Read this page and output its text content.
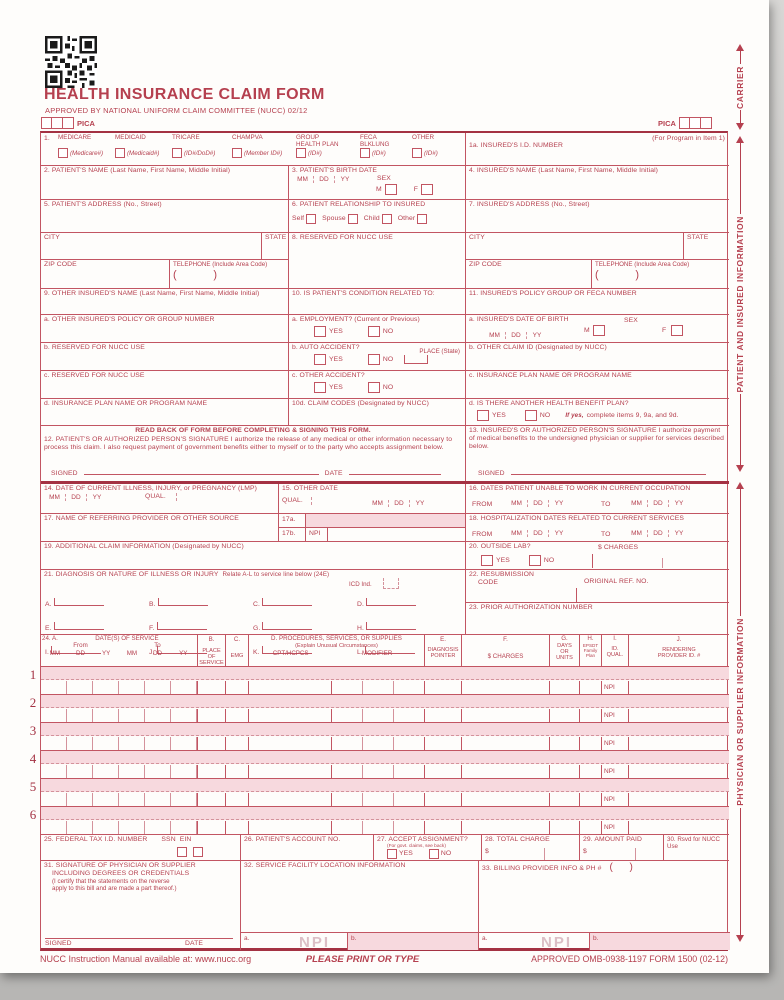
HEALTH INSURANCE CLAIM FORM
APPROVED BY NATIONAL UNIFORM CLAIM COMMITTEE (NUCC) 02/12
PICA	PICA
1.	MEDICARE
(Medicare#)
MEDICAID
(Medicaid#)
TRICARE
(ID#/DoD#)
CHAMPVA
(Member ID#)
GROUP
HEALTH PLAN
(ID#)
FECA
BLKLUNG
(ID#)
OTHER
(ID#)
1a. INSURED'S I.D. NUMBER
(For Program in Item 1)
2. PATIENT'S NAME (Last Name, First Name, Middle Initial)	3. PATIENT'S BIRTH DATE
MM	DD	YY	SEX
M	F
4. INSURED'S NAME (Last Name, First Name, Middle Initial)
5. PATIENT'S ADDRESS (No., Street)	6. PATIENT RELATIONSHIP TO INSURED
Self	Spouse	Child	Other
7. INSURED'S ADDRESS (No., Street)
CITY	STATE 8. RESERVED FOR NUCC USE	CITY	STATE
ZIP CODE	TELEPHONE (Include Area Code)
(            )
ZIP CODE	TELEPHONE (Include Area Code)
(            )
9. OTHER INSURED'S NAME (Last Name, First Name, Middle Initial)	10. IS PATIENT'S CONDITION RELATED TO:	11. INSURED'S POLICY GROUP OR FECA NUMBER
a. OTHER INSURED'S POLICY OR GROUP NUMBER	a. EMPLOYMENT? (Current or Previous)
YES	NO
a. INSURED'S DATE OF BIRTH
MM DD YY
SEX
M	F
b. RESERVED FOR NUCC USE	b. AUTO ACCIDENT?
PLACE (State)
YES	NO
b. OTHER CLAIM ID (Designated by NUCC)
c. RESERVED FOR NUCC USE	c. OTHER ACCIDENT?
YES	NO
c. INSURANCE PLAN NAME OR PROGRAM NAME
d. INSURANCE PLAN NAME OR PROGRAM NAME	10d. CLAIM CODES (Designated by NUCC)	d. IS THERE ANOTHER HEALTH BENEFIT PLAN?
YES	NO If yes, complete items 9, 9a, and 9d.
READ BACK OF FORM BEFORE COMPLETING & SIGNING THIS FORM.
12. PATIENT'S OR AUTHORIZED PERSON'S SIGNATURE I authorize the release of any medical or other information necessary to process this claim. I also request payment of government benefits either to myself or to the party who accepts assignment below.
SIGNED	DATE
13. INSURED'S OR AUTHORIZED PERSON'S SIGNATURE I authorize payment of medical benefits to the undersigned physician or supplier for services described below.
SIGNED
14. DATE OF CURRENT ILLNESS, INJURY, or PREGNANCY (LMP)
MM	DD	YY	QUAL.
15. OTHER DATE
MM DD YY
QUAL.
16. DATES PATIENT UNABLE TO WORK IN CURRENT OCCUPATION
MM DD YY	MM DD YY
FROM	TO
17. NAME OF REFERRING PROVIDER OR OTHER SOURCE	17a.
17b. NPI
18. HOSPITALIZATION DATES RELATED TO CURRENT SERVICES
MM DD YY	MM DD YY
FROM	TO
19. ADDITIONAL CLAIM INFORMATION (Designated by NUCC)	20. OUTSIDE LAB?	$ CHARGES
YES	NO
21. DIAGNOSIS OR NATURE OF ILLNESS OR INJURY Relate A-L to service line below (24E)
ICD Ind.
A.	B.	C.	D.
E.	F.	G.	H.
I.	J.	K.	L.
22. RESUBMISSION
CODE	ORIGINAL REF. NO.
23. PRIOR AUTHORIZATION NUMBER
24. A.	DATE(S) OF SERVICE
From	To
MM	DD	YY	MM	DD	YY
B.
PLACE OF
SERVICE
C.
EMG
D. PROCEDURES, SERVICES, OR SUPPLIES
(Explain Unusual Circumstances)
CPT/HCPCS	MODIFIER
E.
DIAGNOSIS
POINTER
F.
$ CHARGES
G.
DAYS
OR
UNITS
H.
EPSDT
Family
Plan
I.
ID.
QUAL.
J.
RENDERING
PROVIDER ID. #
1
NPI
2
NPI
3
NPI
4
NPI
5
NPI
6
NPI
25. FEDERAL TAX I.D. NUMBER SSN EIN	26. PATIENT'S ACCOUNT NO.	27. ACCEPT ASSIGNMENT?
(For govt. claims, see back)
YES	NO
28. TOTAL CHARGE
$
29. AMOUNT PAID
$
30. Rsvd for NUCC Use
31. SIGNATURE OF PHYSICIAN OR SUPPLIER
INCLUDING DEGREES OR CREDENTIALS
(I certify that the statements on the reverse
apply to this bill and are made a part thereof.)
SIGNED	DATE
32. SERVICE FACILITY LOCATION INFORMATION
a.	NPI	b.
33. BILLING PROVIDER INFO & PH # (      )
a.	NPI	b.
NUCC Instruction Manual available at: www.nucc.org	PLEASE PRINT OR TYPE	APPROVED OMB-0938-1197 FORM 1500 (02-12)
CARRIER
PATIENT AND INSURED INFORMATION
PHYSICIAN OR SUPPLIER INFORMATION
